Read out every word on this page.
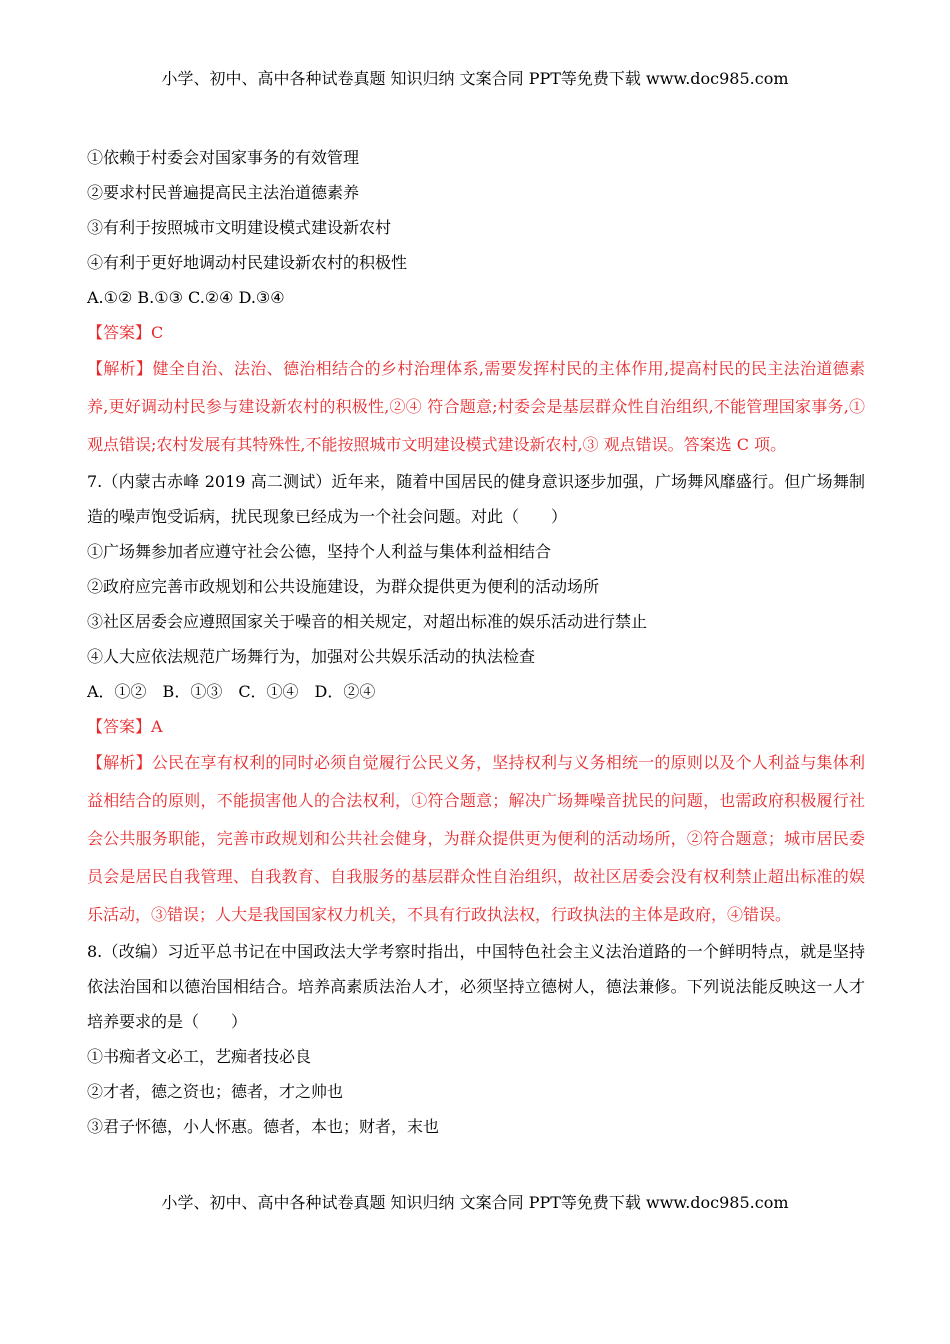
小学、初中、高中各种试卷真题 知识归纳 文案合同 PPT等免费下载 www.doc985.com
①依赖于村委会对国家事务的有效管理
②要求村民普遍提高民主法治道德素养
③有利于按照城市文明建设模式建设新农村
④有利于更好地调动村民建设新农村的积极性
A.①② B.①③ C.②④ D.③④
【答案】C
【解析】健全自治、法治、德治相结合的乡村治理体系,需要发挥村民的主体作用,提高村民的民主法治道德素养,更好调动村民参与建设新农村的积极性,②④ 符合题意;村委会是基层群众性自治组织,不能管理国家事务,① 观点错误;农村发展有其特殊性,不能按照城市文明建设模式建设新农村,③ 观点错误。答案选 C 项。
7.（内蒙古赤峰 2019 高二测试）近年来，随着中国居民的健身意识逐步加强，广场舞风靡盛行。但广场舞制造的噪声饱受诟病，扰民现象已经成为一个社会问题。对此（　　）
①广场舞参加者应遵守社会公德，坚持个人利益与集体利益相结合
②政府应完善市政规划和公共设施建设，为群众提供更为便利的活动场所
③社区居委会应遵照国家关于噪音的相关规定，对超出标准的娱乐活动进行禁止
④人大应依法规范广场舞行为，加强对公共娱乐活动的执法检查
A．①②　B．①③　C．①④　D．②④
【答案】A
【解析】公民在享有权利的同时必须自觉履行公民义务，坚持权利与义务相统一的原则以及个人利益与集体利益相结合的原则，不能损害他人的合法权利，①符合题意；解决广场舞噪音扰民的问题，也需政府积极履行社会公共服务职能，完善市政规划和公共社会健身，为群众提供更为便利的活动场所，②符合题意；城市居民委员会是居民自我管理、自我教育、自我服务的基层群众性自治组织，故社区居委会没有权利禁止超出标准的娱乐活动，③错误；人大是我国国家权力机关，不具有行政执法权，行政执法的主体是政府，④错误。
8.（改编）习近平总书记在中国政法大学考察时指出，中国特色社会主义法治道路的一个鲜明特点，就是坚持依法治国和以德治国相结合。培养高素质法治人才，必须坚持立德树人，德法兼修。下列说法能反映这一人才培养要求的是（　　）
①书痴者文必工，艺痴者技必良
②才者，德之资也；德者，才之帅也
③君子怀德，小人怀惠。德者，本也；财者，末也
小学、初中、高中各种试卷真题 知识归纳 文案合同 PPT等免费下载 www.doc985.com
